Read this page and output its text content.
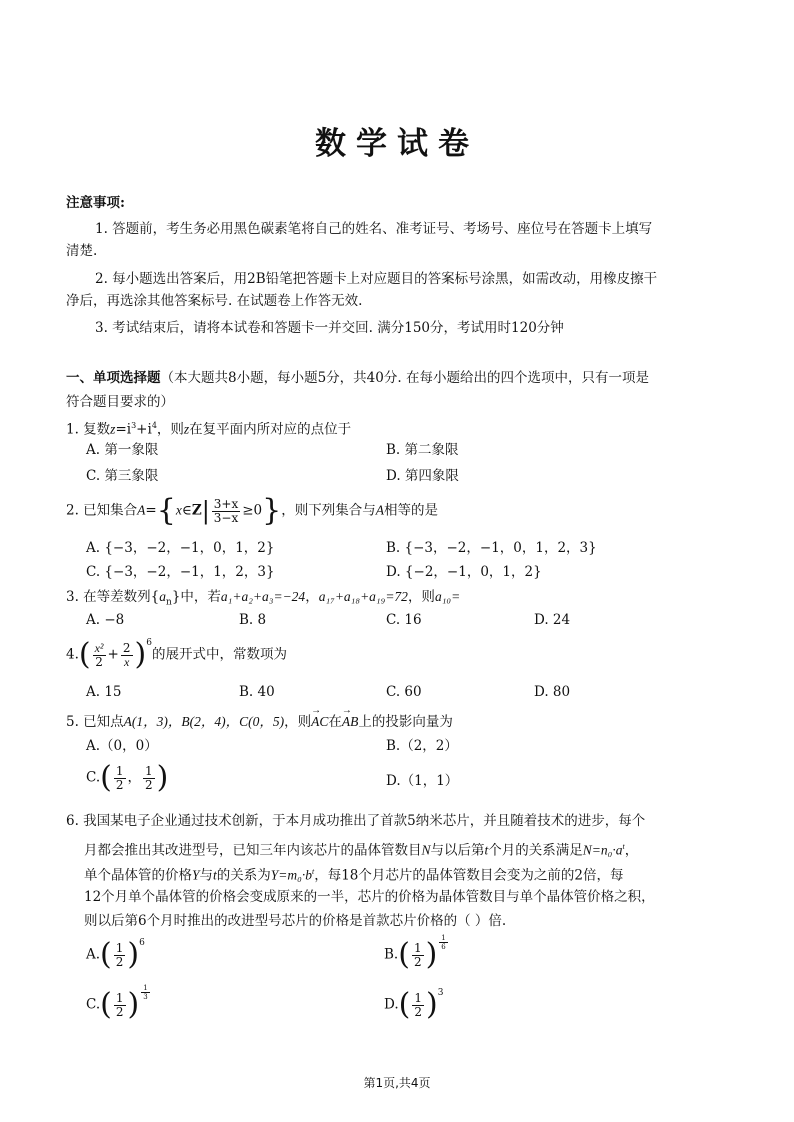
数学试卷
注意事项:
1. 答题前，考生务必用黑色碳素笔将自己的姓名、准考证号、考场号、座位号在答题卡上填写
清楚.
2. 每小题选出答案后，用2B铅笔把答题卡上对应题目的答案标号涂黑，如需改动，用橡皮擦干
净后，再选涂其他答案标号. 在试题卷上作答无效.
3. 考试结束后，请将本试卷和答题卡一并交回. 满分150分，考试用时120分钟
一、单项选择题（本大题共8小题，每小题5分，共40分. 在每小题给出的四个选项中，只有一项是
符合题目要求的）
1. 复数$z=i^3+i^4$，则z在复平面内所对应的点位于
A. 第一象限	B. 第二象限
C. 第三象限	D. 第四象限
2. 已知集合A={x∈Z| $\frac{3+x}{3-x} \ge 0$}，则下列集合与A相等的是
A. {−3，−2，−1，0，1，2}	B. {−3，−2，−1，0，1，2，3}
C. {−3，−2，−1，1，2，3}	D. {−2，−1，0，1，2}
3. 在等差数列$\{a_n\}$中，若a₁+a₂+a₃=−24，a₁₇+a₁₈+a₁₉=72，则a₁₀=
A. −8	B. 8	C. 16	D. 24
$4.( \frac{\text{x²}}{2} + \frac{2}{x} )^6$的展开式中，常数项为
A. 15	B. 40	C. 60	D. 80
5. 已知点A(1，3)，B(2，4)，C(0，5)，则→ AC在→ AB上的投影向量为
A.（0，0）	B.（2，2）
$C.( \frac{1}{2}$ ， $\frac{1}{2}$ )	D.（1，1）
6. 我国某电子企业通过技术创新，于本月成功推出了首款5纳米芯片，并且随着技术的进步，每个
月都会推出其改进型号，已知三年内该芯片的晶体管数目N与以后第t个月的关系满足$N=n_0\cdot a^t$，
单个晶体管的价格Y与t的关系为$Y=m_0\cdot b^t$，每18个月芯片的晶体管数目会变为之前的2倍，每
12个月单个晶体管的价格会变成原来的一半，芯片的价格为晶体管数目与单个晶体管价格之积，
则以后第6个月时推出的改进型号芯片的价格是首款芯片价格的（ ）倍.
$A.( \frac{1}{2} )^6$
$B.( \frac{1}{2}$ ) $\frac{1}{6}$
$C.( \frac{1}{2}$ ) $\frac{1}{3}$
$D.( \frac{1}{2} )^3$
第1页,共4页
